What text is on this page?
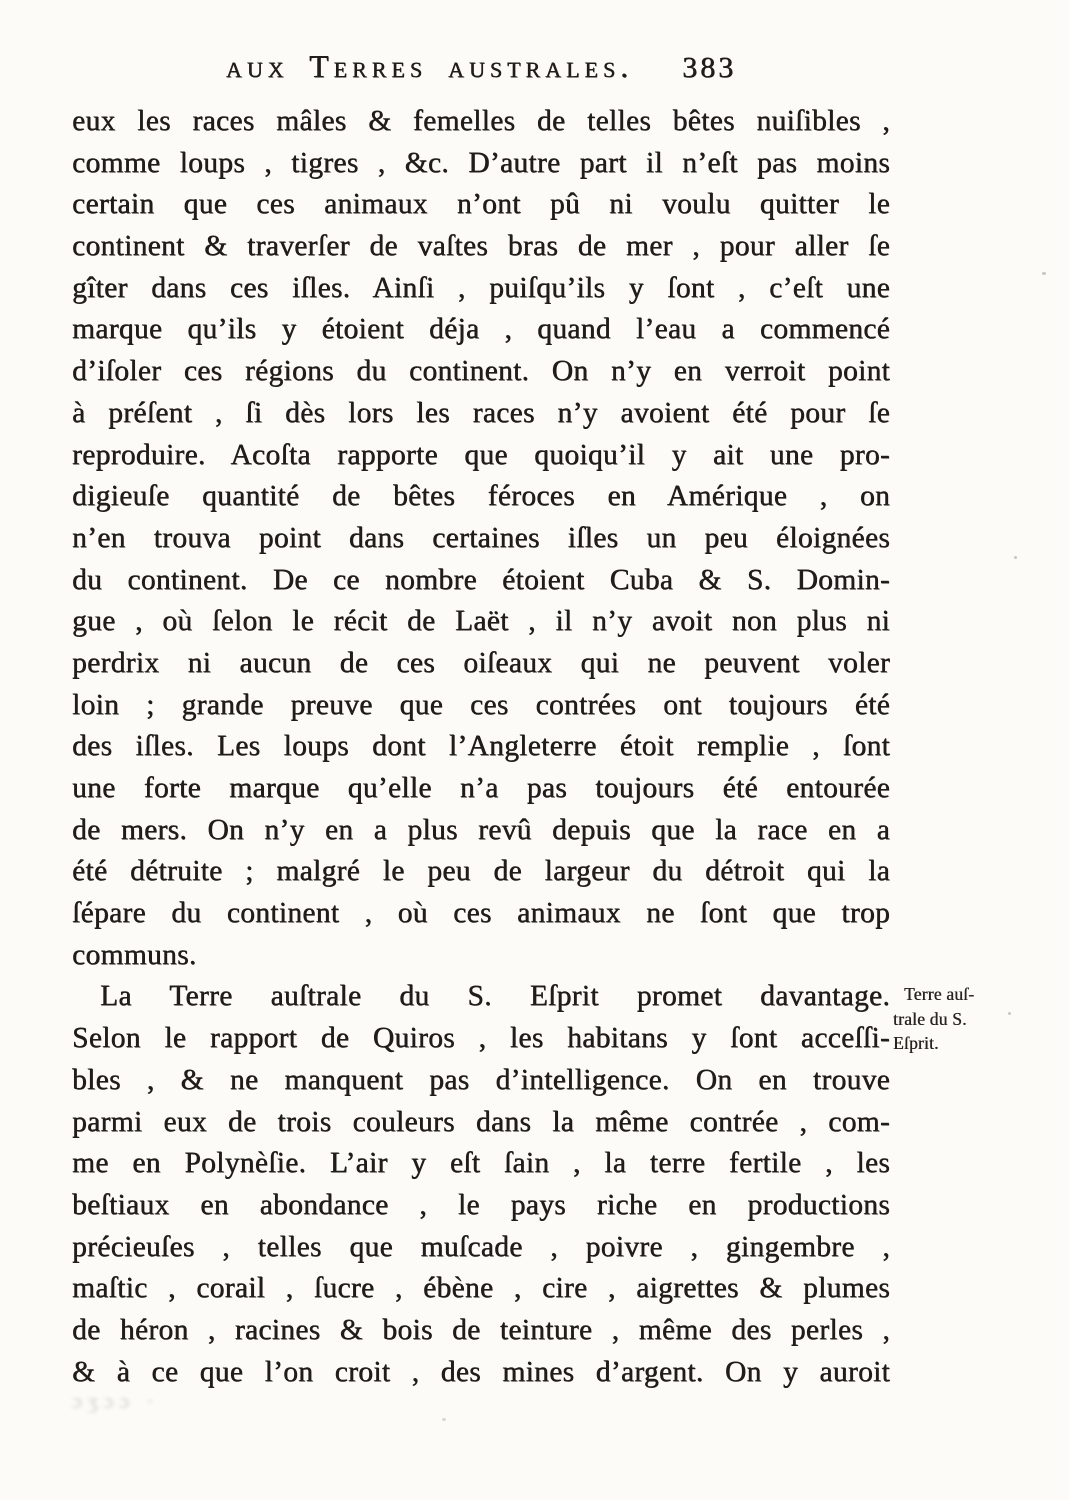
aux Terres australes. 383
eux les races mâles & femelles de telles bêtes nuiſibles ,
comme loups , tigres , &c. D’autre part il n’eſt pas moins
certain que ces animaux n’ont pû ni voulu quitter le
continent & traverſer de vaſtes bras de mer , pour aller ſe
gîter dans ces iſles. Ainſi , puiſqu’ils y ſont , c’eſt une
marque qu’ils y étoient déja , quand l’eau a commencé
d’iſoler ces régions du continent. On n’y en verroit point
à préſent , ſi dès lors les races n’y avoient été pour ſe
reproduire. Acoſta rapporte que quoiqu’il y ait une pro-
digieuſe quantité de bêtes féroces en Amérique , on
n’en trouva point dans certaines iſles un peu éloignées
du continent. De ce nombre étoient Cuba & S. Domin-
gue , où ſelon le récit de Laët , il n’y avoit non plus ni
perdrix ni aucun de ces oiſeaux qui ne peuvent voler
loin ; grande preuve que ces contrées ont toujours été
des iſles. Les loups dont l’Angleterre étoit remplie , ſont
une forte marque qu’elle n’a pas toujours été entourée
de mers. On n’y en a plus revû depuis que la race en a
été détruite ; malgré le peu de largeur du détroit qui la
ſépare du continent , où ces animaux ne ſont que trop
communs.
La Terre auſtrale du S. Eſprit promet davantage.
Selon le rapport de Quiros , les habitans y ſont acceſſi-
bles , & ne manquent pas d’intelligence. On en trouve
parmi eux de trois couleurs dans la même contrée , com-
me en Polynèſie. L’air y eſt ſain , la terre fertile , les
beſtiaux en abondance , le pays riche en productions
précieuſes , telles que muſcade , poivre , gingembre ,
maſtic , corail , ſucre , ébène , cire , aigrettes & plumes
de héron , racines & bois de teinture , même des perles ,
& à ce que l’on croit , des mines d’argent. On y auroit
Terre auſ-
trale du S.
Eſprit.
ɔʒɔɔ ·
